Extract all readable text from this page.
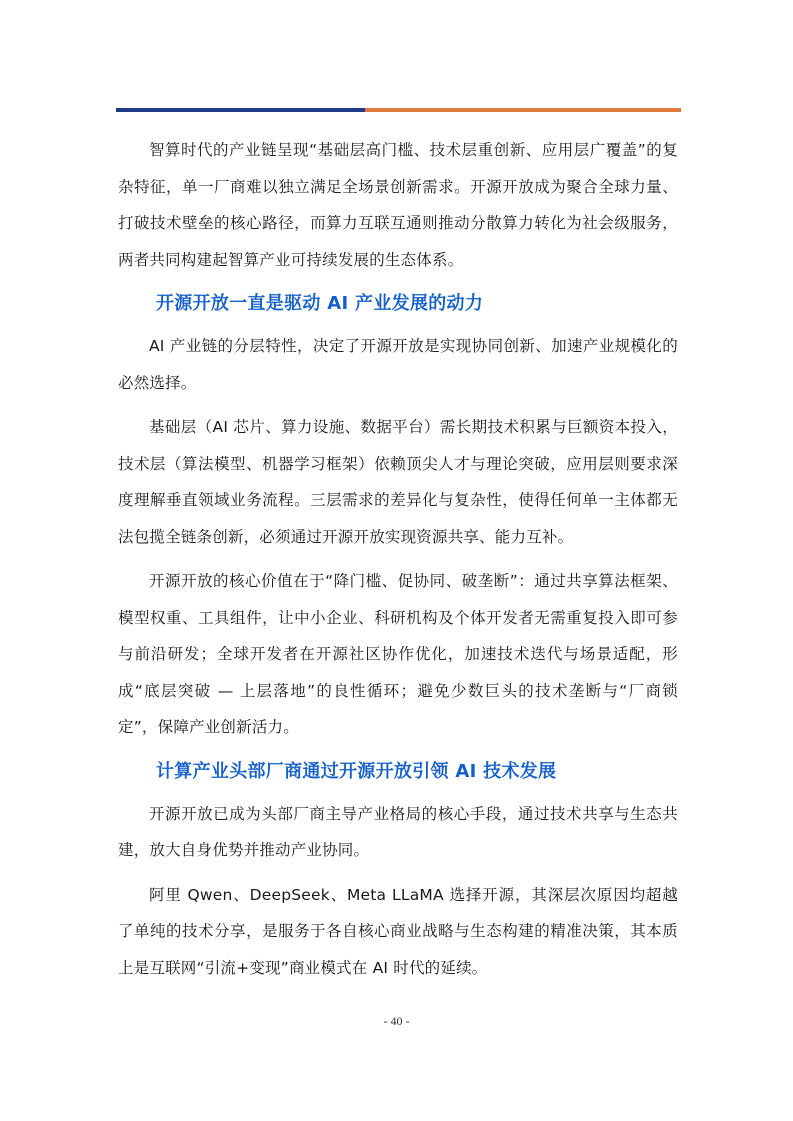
智算时代的产业链呈现“基础层高门槛、技术层重创新、应用层广覆盖”的复杂特征，单一厂商难以独立满足全场景创新需求。开源开放成为聚合全球力量、打破技术壁垒的核心路径，而算力互联互通则推动分散算力转化为社会级服务，两者共同构建起智算产业可持续发展的生态体系。

开源开放一直是驱动 AI 产业发展的动力

AI 产业链的分层特性，决定了开源开放是实现协同创新、加速产业规模化的必然选择。

基础层（AI 芯片、算力设施、数据平台）需长期技术积累与巨额资本投入，技术层（算法模型、机器学习框架）依赖顶尖人才与理论突破，应用层则要求深度理解垂直领域业务流程。三层需求的差异化与复杂性，使得任何单一主体都无法包揽全链条创新，必须通过开源开放实现资源共享、能力互补。

开源开放的核心价值在于“降门槛、促协同、破垄断”：通过共享算法框架、模型权重、工具组件，让中小企业、科研机构及个体开发者无需重复投入即可参与前沿研发；全球开发者在开源社区协作优化，加速技术迭代与场景适配，形成“底层突破 — 上层落地”的良性循环；避免少数巨头的技术垄断与“厂商锁定”，保障产业创新活力。

计算产业头部厂商通过开源开放引领 AI 技术发展

开源开放已成为头部厂商主导产业格局的核心手段，通过技术共享与生态共建，放大自身优势并推动产业协同。

阿里 Qwen、DeepSeek、Meta LLaMA 选择开源，其深层次原因均超越了单纯的技术分享，是服务于各自核心商业战略与生态构建的精准决策，其本质上是互联网“引流+变现”商业模式在 AI 时代的延续。

- 40 -
